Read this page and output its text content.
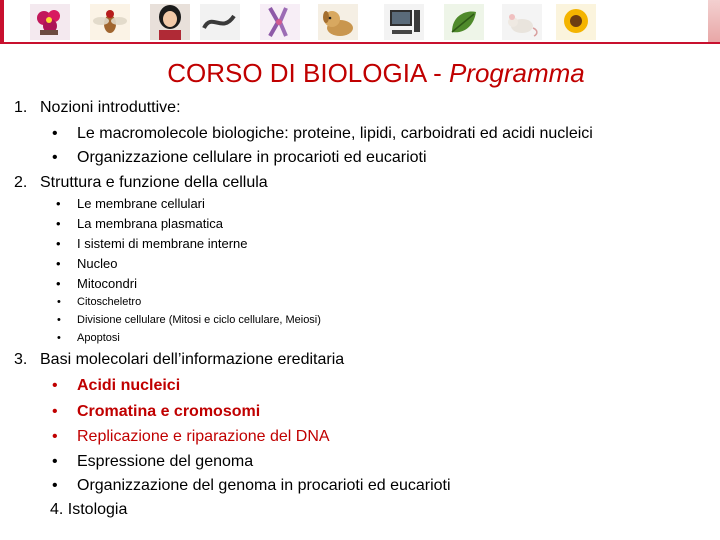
CORSO DI BIOLOGIA - Programma
1. Nozioni introduttive:
• Le macromolecole biologiche: proteine, lipidi, carboidrati ed acidi nucleici
• Organizzazione cellulare in procarioti ed eucarioti
2. Struttura e funzione della cellula
• Le membrane cellulari
• La membrana plasmatica
• I sistemi di membrane interne
• Nucleo
• Mitocondri
• Citoscheletro
• Divisione cellulare (Mitosi e ciclo cellulare, Meiosi)
• Apoptosi
3. Basi molecolari dell’informazione ereditaria
• Acidi nucleici
• Cromatina e cromosomi
• Replicazione e riparazione del DNA
• Espressione del genoma
• Organizzazione del genoma in procarioti ed eucarioti
4. Istologia
